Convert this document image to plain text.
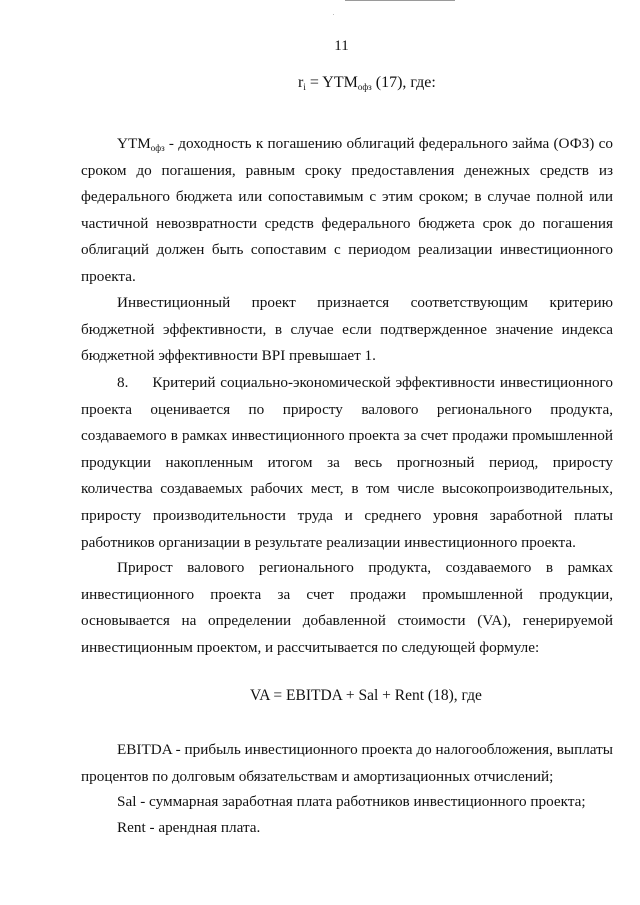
11
$r_i = YTM_{офз}$ (17), где:

$YTM_{офз}$ - доходность к погашению облигаций федерального займа (ОФЗ) со сроком до погашения, равным сроку предоставления денежных средств из федерального бюджета или сопоставимым с этим сроком; в случае полной или частичной невозвратности средств федерального бюджета срок до погашения облигаций должен быть сопоставим с периодом реализации инвестиционного проекта.

Инвестиционный проект признается соответствующим критерию бюджетной эффективности, в случае если подтвержденное значение индекса бюджетной эффективности BPI превышает 1.

8. Критерий социально-экономической эффективности инвестиционного проекта оценивается по приросту валового регионального продукта, создаваемого в рамках инвестиционного проекта за счет продажи промышленной продукции накопленным итогом за весь прогнозный период, приросту количества создаваемых рабочих мест, в том числе высокопроизводительных, приросту производительности труда и среднего уровня заработной платы работников организации в результате реализации инвестиционного проекта.

Прирост валового регионального продукта, создаваемого в рамках инвестиционного проекта за счет продажи промышленной продукции, основывается на определении добавленной стоимости (VA), генерируемой инвестиционным проектом, и рассчитывается по следующей формуле:

VA = EBITDA + Sal + Rent (18), где

EBITDA - прибыль инвестиционного проекта до налогообложения, выплаты процентов по долговым обязательствам и амортизационных отчислений;

Sal - суммарная заработная плата работников инвестиционного проекта;
Rent - арендная плата.
